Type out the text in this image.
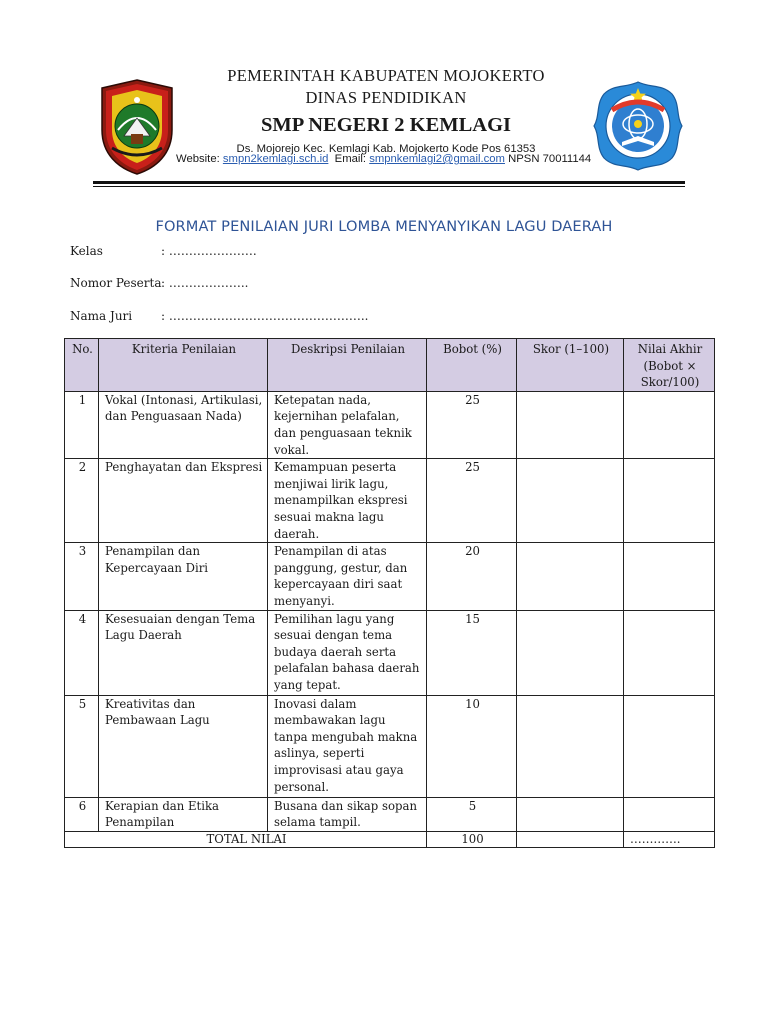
PEMERINTAH KABUPATEN MOJOKERTO
DINAS PENDIDIKAN
SMP NEGERI 2 KEMLAGI
Ds. Mojorejo Kec. Kemlagi Kab. Mojokerto Kode Pos 61353
Website: smpn2kemlagi.sch.id Email: smpnkemlagi2@gmail.com NPSN 70011144
FORMAT PENILAIAN JURI LOMBA MENYANYIKAN LAGU DAERAH
Kelas	: ………………….
Nomor Peserta : ………………..
Nama Juri : …………………………………………..
No.	Kriteria Penilaian	Deskripsi Penilaian	Bobot (%)	Skor (1–100)	Nilai Akhir (Bobot × Skor/100)
1	Vokal (Intonasi, Artikulasi, dan Penguasaan Nada)	Ketepatan nada, kejernihan pelafalan, dan penguasaan teknik vokal.	25		
2	Penghayatan dan Ekspresi	Kemampuan peserta menjiwai lirik lagu, menampilkan ekspresi sesuai makna lagu daerah.	25		
3	Penampilan dan Kepercayaan Diri	Penampilan di atas panggung, gestur, dan kepercayaan diri saat menyanyi.	20		
4	Kesesuaian dengan Tema Lagu Daerah	Pemilihan lagu yang sesuai dengan tema budaya daerah serta pelafalan bahasa daerah yang tepat.	15		
5	Kreativitas dan Pembawaan Lagu	Inovasi dalam membawakan lagu tanpa mengubah makna aslinya, seperti improvisasi atau gaya personal.	10		
6	Kerapian dan Etika Penampilan	Busana dan sikap sopan selama tampil.	5		
TOTAL NILAI			100		………….
